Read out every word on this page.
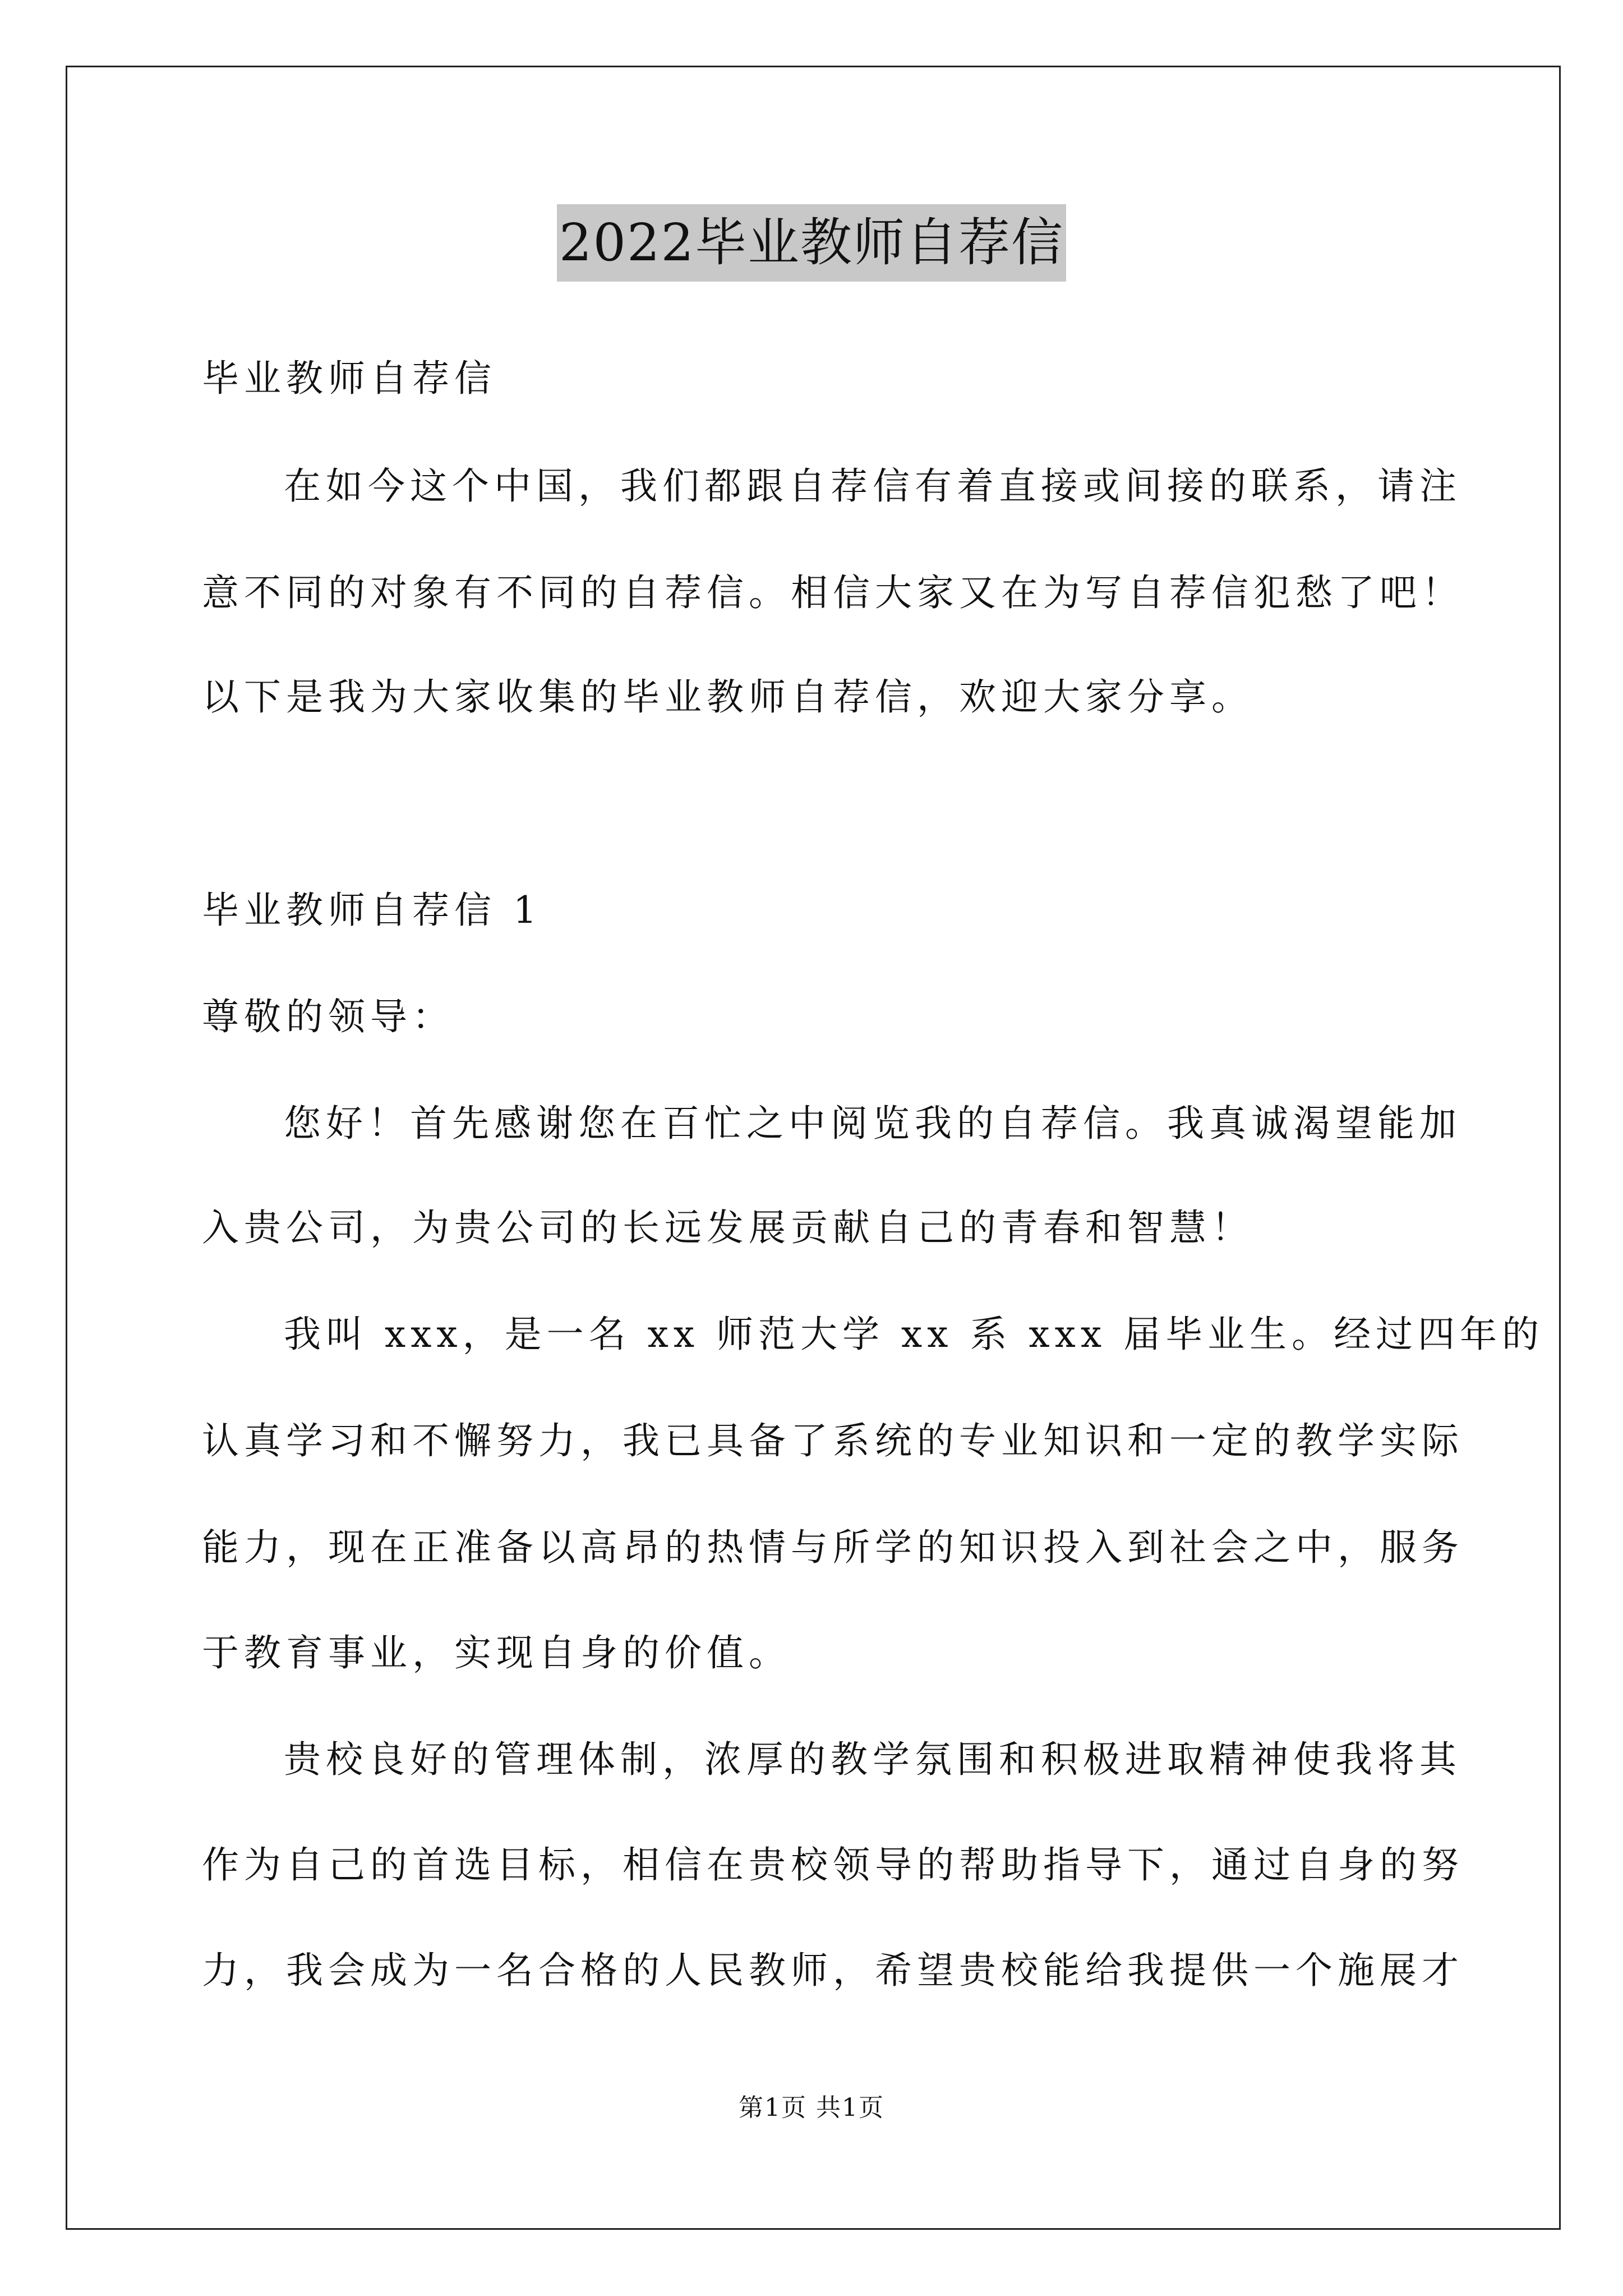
2022毕业教师自荐信
毕业教师自荐信
在如今这个中国，我们都跟自荐信有着直接或间接的联系，请注
意不同的对象有不同的自荐信。相信大家又在为写自荐信犯愁了吧！
以下是我为大家收集的毕业教师自荐信，欢迎大家分享。
毕业教师自荐信 1
尊敬的领导：
您好！首先感谢您在百忙之中阅览我的自荐信。我真诚渴望能加
入贵公司，为贵公司的长远发展贡献自己的青春和智慧！
我叫 xxx，是一名 xx 师范大学 xx 系 xxx 届毕业生。经过四年的
认真学习和不懈努力，我已具备了系统的专业知识和一定的教学实际
能力，现在正准备以高昂的热情与所学的知识投入到社会之中，服务
于教育事业，实现自身的价值。
贵校良好的管理体制，浓厚的教学氛围和积极进取精神使我将其
作为自己的首选目标，相信在贵校领导的帮助指导下，通过自身的努
力，我会成为一名合格的人民教师，希望贵校能给我提供一个施展才
第1页 共1页
